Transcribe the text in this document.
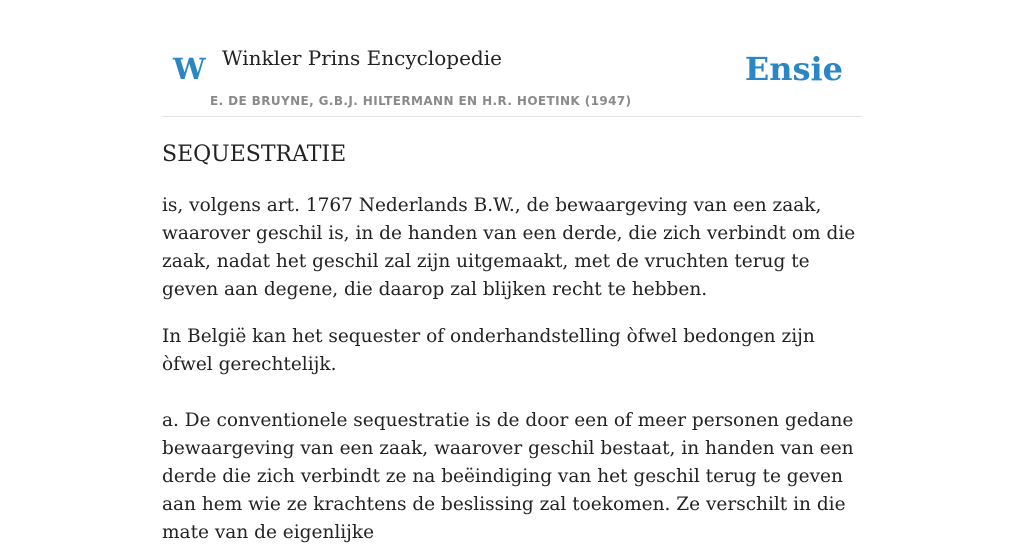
W Winkler Prins Encyclopedie
E. DE BRUYNE, G.B.J. HILTERMANN EN H.R. HOETINK (1947)
Ensie
SEQUESTRATIE

is, volgens art. 1767 Nederlands B.W., de bewaargeving van een zaak, waarover geschil is, in de handen van een derde, die zich verbindt om die zaak, nadat het geschil zal zijn uitgemaakt, met de vruchten terug te geven aan degene, die daarop zal blijken recht te hebben.

In België kan het sequester of onderhandstelling òfwel bedongen zijn òfwel gerechtelijk.

a. De conventionele sequestratie is de door een of meer personen gedane bewaargeving van een zaak, waarover geschil bestaat, in handen van een derde die zich verbindt ze na beëindiging van het geschil terug te geven aan hem wie ze krachtens de beslissing zal toekomen. Ze verschilt in die mate van de eigenlijke
